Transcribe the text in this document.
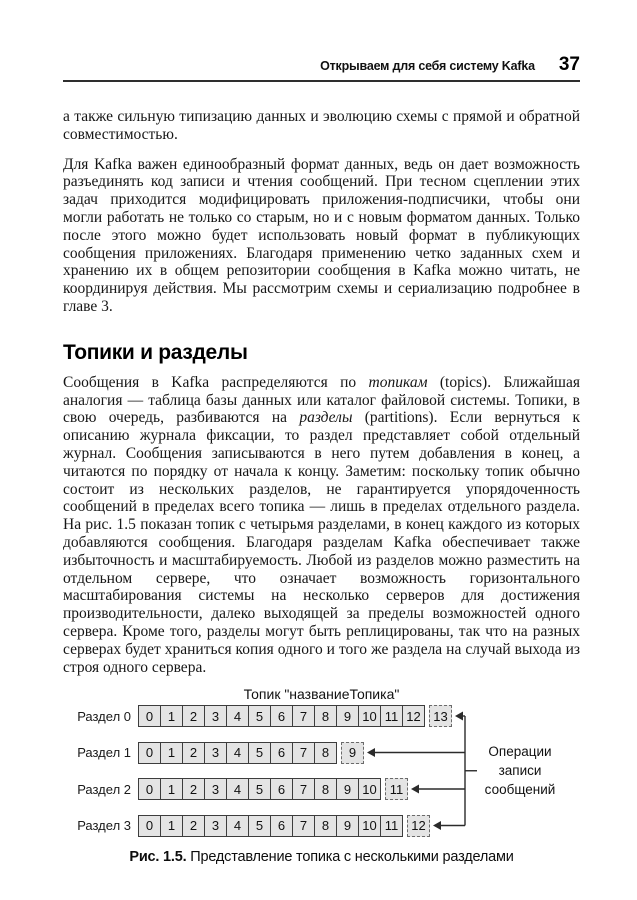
Открываем для себя систему Kafka 37

а также сильную типизацию данных и эволюцию схемы с прямой и обратной совместимостью.

Для Kafka важен единообразный формат данных, ведь он дает возможность разъединять код записи и чтения сообщений. При тесном сцеплении этих задач приходится модифицировать приложения-подписчики, чтобы они могли работать не только со старым, но и с новым форматом данных. Только после этого можно будет использовать новый формат в публикующих сообщения приложениях. Благодаря применению четко заданных схем и хранению их в общем репозитории сообщения в Kafka можно читать, не координируя действия. Мы рассмотрим схемы и сериализацию подробнее в главе 3.

Топики и разделы

Сообщения в Kafka распределяются по топикам (topics). Ближайшая аналогия — таблица базы данных или каталог файловой системы. Топики, в свою очередь, разбиваются на разделы (partitions). Если вернуться к описанию журнала фиксации, то раздел представляет собой отдельный журнал. Сообщения записываются в него путем добавления в конец, а читаются по порядку от начала к концу. Заметим: поскольку топик обычно состоит из нескольких разделов, не гарантируется упорядоченность сообщений в пределах всего топика — лишь в пределах отдельного раздела. На рис. 1.5 показан топик с четырьмя разделами, в конец каждого из которых добавляются сообщения. Благодаря разделам Kafka обеспечивает также избыточность и масштабируемость. Любой из разделов можно разместить на отдельном сервере, что означает возможность горизонтального масштабирования системы на несколько серверов для достижения производительности, далеко выходящей за пределы возможностей одного сервера. Кроме того, разделы могут быть реплицированы, так что на разных серверах будет храниться копия одного и того же раздела на случай выхода из строя одного сервера.

Топик "названиеТопика"
Раздел 0	0	1	2	3	4	5	6	7	8	9 10 11 12 13
Раздел 1	0	1	2	3	4	5	6	7	8	9
Раздел 2	0	1	2	3	4	5	6	7	8	9 10	11
Раздел 3	0	1	2	3	4	5	6	7	8	9 10 11	12
Операции записи сообщений
Рис. 1.5. Представление топика с несколькими разделами
